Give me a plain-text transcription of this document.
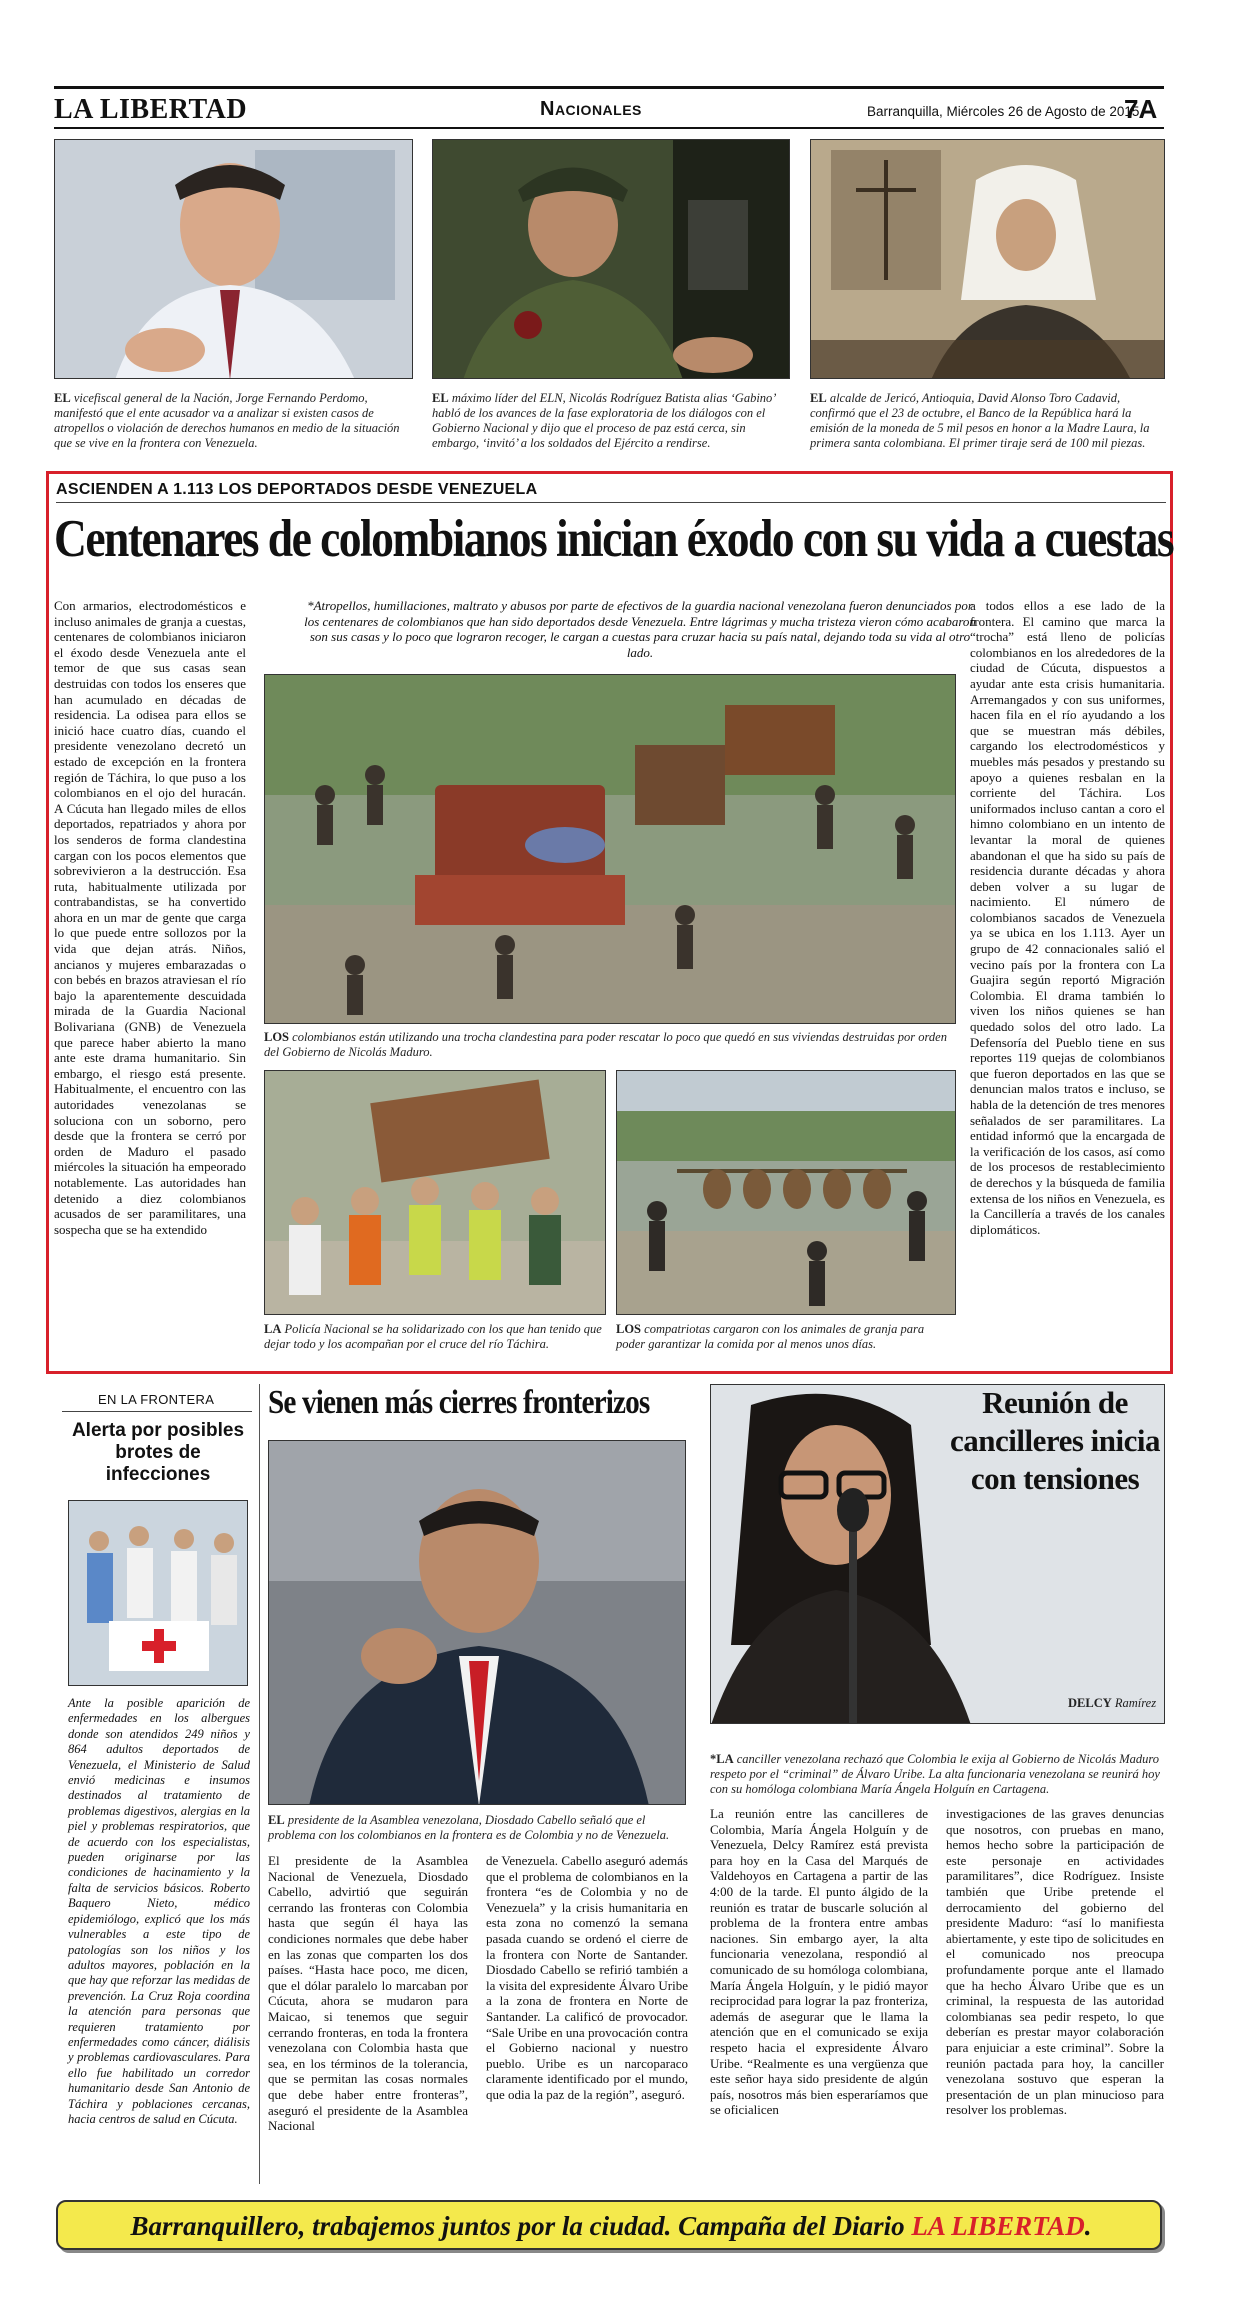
LA LIBERTAD	Nacionales	Barranquilla, Miércoles 26 de Agosto de 2015
7A
EL vicefiscal general de la Nación, Jorge Fernando Perdomo, manifestó que el ente acusador va a analizar si existen casos de atropellos o violación de derechos humanos en medio de la situación que se vive en la frontera con Venezuela.
EL máximo líder del ELN, Nicolás Rodríguez Batista alias ‘Gabino’ habló de los avances de la fase exploratoria de los diálogos con el Gobierno Nacional y dijo que el proceso de paz está cerca, sin embargo, ‘invitó’ a los soldados del Ejército a rendirse.
EL alcalde de Jericó, Antioquia, David Alonso Toro Cadavid, confirmó que el 23 de octubre, el Banco de la República hará la emisión de la moneda de 5 mil pesos en honor a la Madre Laura, la primera santa colombiana. El primer tiraje será de 100 mil piezas.
ASCIENDEN A 1.113 LOS DEPORTADOS DESDE VENEZUELA
Centenares de colombianos inician éxodo con su vida a cuestas

Con armarios, electrodomésticos e incluso animales de granja a cuestas, centenares de colombianos iniciaron el éxodo desde Venezuela ante el temor de que sus casas sean destruidas con todos los enseres que han acumulado en décadas de residencia. La odisea para ellos se inició hace cuatro días, cuando el presidente venezolano decretó un estado de excepción en la frontera región de Táchira, lo que puso a los colombianos en el ojo del huracán. A Cúcuta han llegado miles de ellos deportados, repatriados y ahora por los senderos de forma clandestina cargan con los pocos elementos que sobrevivieron a la destrucción. Esa ruta, habitualmente utilizada por contrabandistas, se ha convertido ahora en un mar de gente que carga lo que puede entre sollozos por la vida que dejan atrás. Niños, ancianos y mujeres embarazadas o con bebés en brazos atraviesan el río bajo la aparentemente descuidada mirada de la Guardia Nacional Bolivariana (GNB) de Venezuela que parece haber abierto la mano ante este drama humanitario. Sin embargo, el riesgo está presente. Habitualmente, el encuentro con las autoridades venezolanas se soluciona con un soborno, pero desde que la frontera se cerró por orden de Maduro el pasado miércoles la situación ha empeorado notablemente. Las autoridades han detenido a diez colombianos acusados de ser paramilitares, una sospecha que se ha extendido

*Atropellos, humillaciones, maltrato y abusos por parte de efectivos de la guardia nacional venezolana fueron denunciados por los centenares de colombianos que han sido deportados desde Venezuela. Entre lágrimas y mucha tristeza vieron cómo acabaron son sus casas y lo poco que lograron recoger, le cargan a cuestas para cruzar hacia su país natal, dejando toda su vida al otro lado.
LOS colombianos están utilizando una trocha clandestina para poder rescatar lo poco que quedó en sus viviendas destruidas por orden del Gobierno de Nicolás Maduro.
LA Policía Nacional se ha solidarizado con los que han tenido que dejar todo y los acompañan por el cruce del río Táchira.
LOS compatriotas cargaron con los animales de granja para poder garantizar la comida por al menos unos días.

a todos ellos a ese lado de la frontera. El camino que marca la “trocha” está lleno de policías colombianos en los alrededores de la ciudad de Cúcuta, dispuestos a ayudar ante esta crisis humanitaria. Arremangados y con sus uniformes, hacen fila en el río ayudando a los que se muestran más débiles, cargando los electrodomésticos y muebles más pesados y prestando su apoyo a quienes resbalan en la corriente del Táchira. Los uniformados incluso cantan a coro el himno colombiano en un intento de levantar la moral de quienes abandonan el que ha sido su país de residencia durante décadas y ahora deben volver a su lugar de nacimiento. El número de colombianos sacados de Venezuela ya se ubica en los 1.113. Ayer un grupo de 42 connacionales salió el vecino país por la frontera con La Guajira según reportó Migración Colombia. El drama también lo viven los niños quienes se han quedado solos del otro lado. La Defensoría del Pueblo tiene en sus reportes 119 quejas de colombianos que fueron deportados en las que se denuncian malos tratos e incluso, se habla de la detención de tres menores señalados de ser paramilitares. La entidad informó que la encargada de la verificación de los casos, así como de los procesos de restablecimiento de derechos y la búsqueda de familia extensa de los niños en Venezuela, es la Cancillería a través de los canales diplomáticos.

EN LA FRONTERA
Alerta por posibles brotes de infecciones
Ante la posible aparición de enfermedades en los albergues donde son atendidos 249 niños y 864 adultos deportados de Venezuela, el Ministerio de Salud envió medicinas e insumos destinados al tratamiento de problemas digestivos, alergias en la piel y problemas respiratorios, que de acuerdo con los especialistas, pueden originarse por las condiciones de hacinamiento y la falta de servicios básicos. Roberto Baquero Nieto, médico epidemiólogo, explicó que los más vulnerables a este tipo de patologías son los niños y los adultos mayores, población en la que hay que reforzar las medidas de prevención. La Cruz Roja coordina la atención para personas que requieren tratamiento por enfermedades como cáncer, diálisis y problemas cardiovasculares. Para ello fue habilitado un corredor humanitario desde San Antonio de Táchira y poblaciones cercanas, hacia centros de salud en Cúcuta.
Se vienen más cierres fronterizos
EL presidente de la Asamblea venezolana, Diosdado Cabello señaló que el problema con los colombianos en la frontera es de Colombia y no de Venezuela.

El presidente de la Asamblea Nacional de Venezuela, Diosdado Cabello, advirtió que seguirán cerrando las fronteras con Colombia hasta que según él haya las condiciones normales que debe haber en las zonas que comparten los dos países. “Hasta hace poco, me dicen, que el dólar paralelo lo marcaban por Cúcuta, ahora se mudaron para Maicao, si tenemos que seguir cerrando fronteras, en toda la frontera venezolana con Colombia hasta que sea, en los términos de la tolerancia, que se permitan las cosas normales que debe haber entre fronteras”, aseguró el presidente de la Asamblea Nacional

de Venezuela. Cabello aseguró además que el problema de colombianos en la frontera “es de Colombia y no de Venezuela” y la crisis humanitaria en esta zona no comenzó la semana pasada cuando se ordenó el cierre de la frontera con Norte de Santander. Diosdado Cabello se refirió también a la visita del expresidente Álvaro Uribe a la zona de frontera en Norte de Santander. La calificó de provocador. “Sale Uribe en una provocación contra el Gobierno nacional y nuestro pueblo. Uribe es un narcoparaco claramente identificado por el mundo, que odia la paz de la región”, aseguró.

Reunión de cancilleres inicia con tensiones
DELCY Ramírez
*LA canciller venezolana rechazó que Colombia le exija al Gobierno de Nicolás Maduro respeto por el “criminal” de Álvaro Uribe. La alta funcionaria venezolana se reunirá hoy con su homóloga colombiana María Ángela Holguín en Cartagena.

La reunión entre las cancilleres de Colombia, María Ángela Holguín y de Venezuela, Delcy Ramírez está prevista para hoy en la Casa del Marqués de Valdehoyos en Cartagena a partir de las 4:00 de la tarde. El punto álgido de la reunión es tratar de buscarle solución al problema de la frontera entre ambas naciones. Sin embargo ayer, la alta funcionaria venezolana, respondió al comunicado de su homóloga colombiana, María Ángela Holguín, y le pidió mayor reciprocidad para lograr la paz fronteriza, además de asegurar que le llama la atención que en el comunicado se exija respeto hacia el expresidente Álvaro Uribe. “Realmente es una vergüenza que este señor haya sido presidente de algún país, nosotros más bien esperaríamos que se oficialicen

investigaciones de las graves denuncias que nosotros, con pruebas en mano, hemos hecho sobre la participación de este personaje en actividades paramilitares”, dice Rodríguez. Insiste también que Uribe pretende el derrocamiento del gobierno del presidente Maduro: “así lo manifiesta abiertamente, y este tipo de solicitudes en el comunicado nos preocupa profundamente porque ante el llamado que ha hecho Álvaro Uribe que es un criminal, la respuesta de las autoridad colombianas sea pedir respeto, lo que deberían es prestar mayor colaboración para enjuiciar a este criminal”. Sobre la reunión pactada para hoy, la canciller venezolana sostuvo que esperan la presentación de un plan minucioso para resolver los problemas.

Barranquillero, trabajemos juntos por la ciudad. Campaña del Diario LA LIBERTAD.
